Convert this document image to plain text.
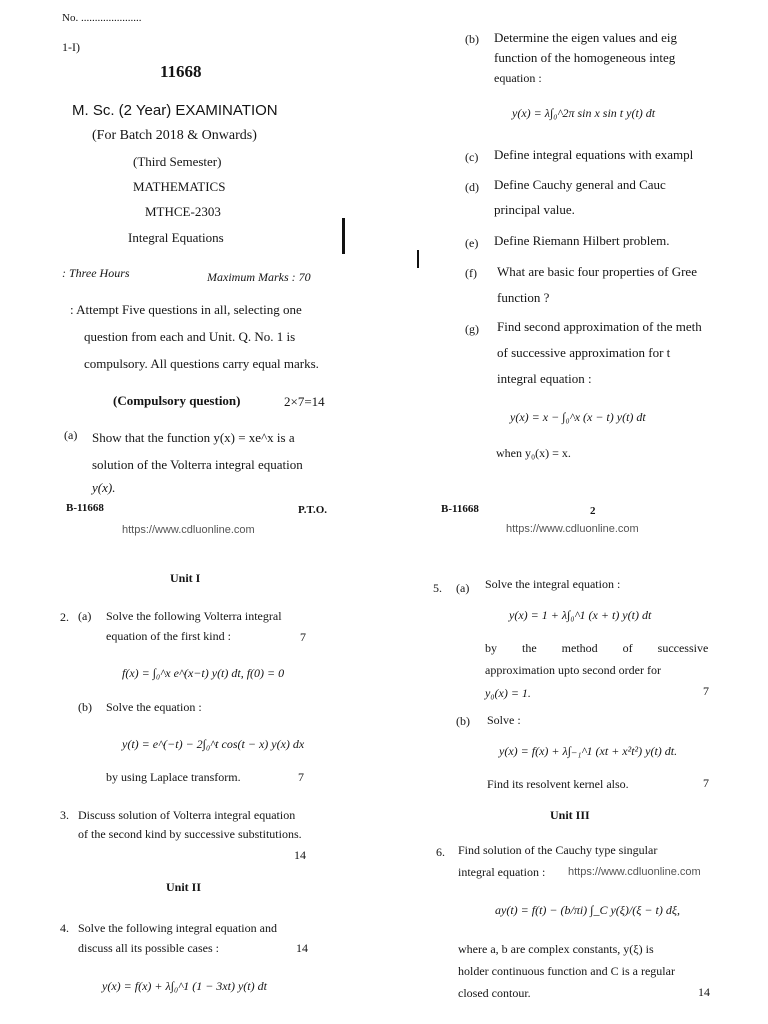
No. ......................
1-I)
11668
M. Sc. (2 Year) EXAMINATION
(For Batch 2018 & Onwards)
(Third Semester)
MATHEMATICS
MTHCE-2303
Integral Equations
: Three Hours	Maximum Marks : 70
: Attempt Five questions in all, selecting one
question from each and Unit. Q. No. 1 is
compulsory. All questions carry equal marks.
(Compulsory question)	2×7=14
(a) Show that the function y(x) = xe^x is a
solution of the Volterra integral equation
y(x).
B-11668	P.T.O.
https://www.cdluonline.com
(b) Determine the eigen values and eig
function of the homogeneous integ
equation :
y(x) = λ∫₀^2π sin x sin t y(t) dt
(c) Define integral equations with exampl
(d) Define Cauchy general and Cauc
principal value.
(e) Define Riemann Hilbert problem.
(f) What are basic four properties of Gree
function ?
(g) Find second approximation of the meth
of successive approximation for t
integral equation :
y(x) = x − ∫₀^x (x − t) y(t) dt
when y₀(x) = x.
B-11668	2
https://www.cdluonline.com
Unit I
2. (a) Solve the following Volterra integral
equation of the first kind :	7
f(x) = ∫₀^x e^(x−t) y(t) dt, f(0) = 0
(b) Solve the equation :
y(t) = e^(−t) − 2∫₀^t cos(t − x) y(x) dx
by using Laplace transform.	7
3. Discuss solution of Volterra integral equation
of the second kind by successive substitutions.
14
Unit II
4. Solve the following integral equation and
discuss all its possible cases :	14
y(x) = f(x) + λ∫₀^1 (1 − 3xt) y(t) dt
5. (a) Solve the integral equation :
y(x) = 1 + λ∫₀^1 (x + t) y(t) dt
by the method of successive
approximation upto second order for
y₀(x) = 1.	7
(b) Solve :
y(x) = f(x) + λ∫₋₁^1 (xt + x²t²) y(t) dt.
Find its resolvent kernel also.	7
Unit III
6. Find solution of the Cauchy type singular
integral equation : https://www.cdluonline.com
ay(t) = f(t) − (b/πi) ∫_C y(ξ)/(ξ − t) dξ,
where a, b are complex constants, y(ξ) is
holder continuous function and C is a regular
closed contour.	14
